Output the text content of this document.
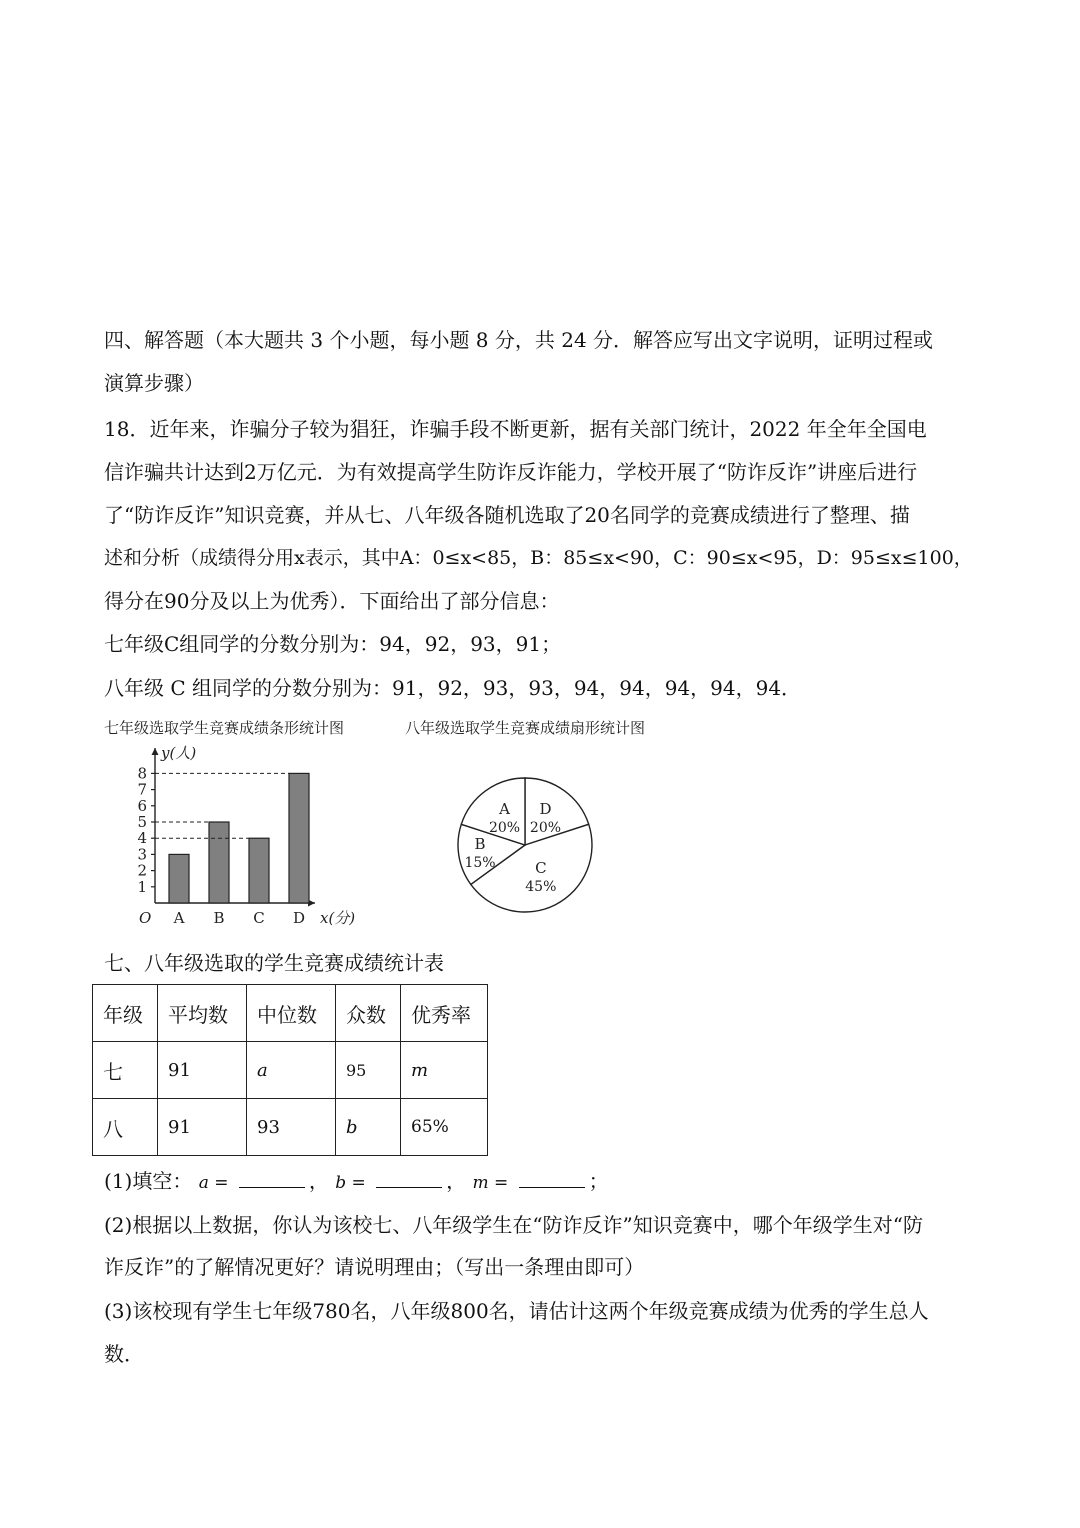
四、解答题（本大题共 3 个小题，每小题 8 分，共 24 分．解答应写出文字说明，证明过程或
演算步骤）
18．近年来，诈骗分子较为猖狂，诈骗手段不断更新，据有关部门统计，2022 年全年全国电
信诈骗共计达到2万亿元．为有效提高学生防诈反诈能力，学校开展了“防诈反诈”讲座后进行
了“防诈反诈”知识竞赛，并从七、八年级各随机选取了20名同学的竞赛成绩进行了整理、描
述和分析（成绩得分用x表示，其中A：0≤x<85，B：85≤x<90，C：90≤x<95，D：95≤x≤100，
得分在90分及以上为优秀）．下面给出了部分信息：
七年级C组同学的分数分别为：94，92，93，91；
八年级 C 组同学的分数分别为：91，92，93，93，94，94，94，94，94．
七年级选取学生竞赛成绩条形统计图	八年级选取学生竞赛成绩扇形统计图
1
2
3
4
5
6
7
8
y(人)
O	x(分)
A B C D
D
20%
C
45%
B
15%
A
20%
七、八年级选取的学生竞赛成绩统计表
年级	平均数	中位数	众数	优秀率
七	91	a	95	m
八	91	93	b	65%
(1)填空： a =	， b =	， m =	；
(2)根据以上数据，你认为该校七、八年级学生在“防诈反诈”知识竞赛中，哪个年级学生对“防
诈反诈”的了解情况更好？请说明理由；（写出一条理由即可）
(3)该校现有学生七年级780名，八年级800名，请估计这两个年级竞赛成绩为优秀的学生总人
数．
